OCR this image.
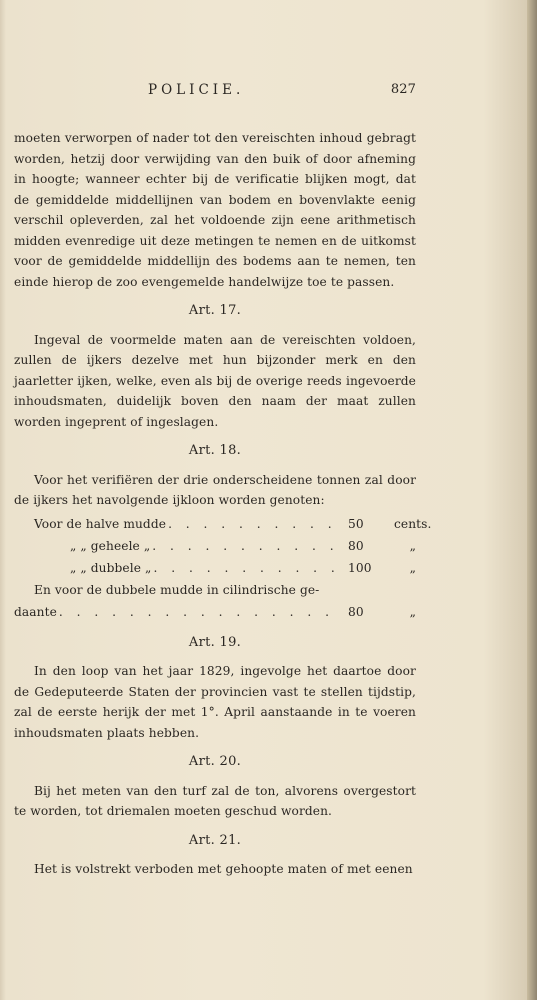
POLICIE.	827

moeten verworpen of nader tot den vereischten inhoud gebragt worden, hetzij door verwijding van den buik of door afneming in hoogte; wanneer echter bij de verificatie blijken mogt, dat de gemiddelde middellijnen van bodem en bovenvlakte eenig verschil opleverden, zal het voldoende zijn eene arithmetisch midden evenredige uit deze metingen te nemen en de uitkomst voor de gemiddelde middellijn des bodems aan te nemen, ten einde hierop de zoo evengemelde handelwijze toe te passen.

Art. 17.

Ingeval de voormelde maten aan de vereischten voldoen, zullen de ijkers dezelve met hun bijzonder merk en den jaarletter ijken, welke, even als bij de overige reeds ingevoerde inhoudsmaten, duidelijk boven den naam der maat zullen worden ingeprent of ingeslagen.

Art. 18.

Voor het verifiëren der drie onderscheidene tonnen zal door de ijkers het navolgende ijkloon worden genoten:

Voor de halve mudde . . . . . . . . . . 50	cents.
„ „ geheele „ . . . . . . . . . . . 80	„
„ „ dubbele „ . . . . . . . . . . . 100	„
En voor de dubbele mudde in cilindrische ge-
daante . . . . . . . . . . . . . . . .	80	„
Art. 19.

In den loop van het jaar 1829, ingevolge het daartoe door de Gedeputeerde Staten der provincien vast te stellen tijdstip, zal de eerste herijk der met 1°. April aanstaande in te voeren inhoudsmaten plaats hebben.

Art. 20.

Bij het meten van den turf zal de ton, alvorens overgestort te worden, tot driemalen moeten geschud worden.

Art. 21.

Het is volstrekt verboden met gehoopte maten of met eenen
